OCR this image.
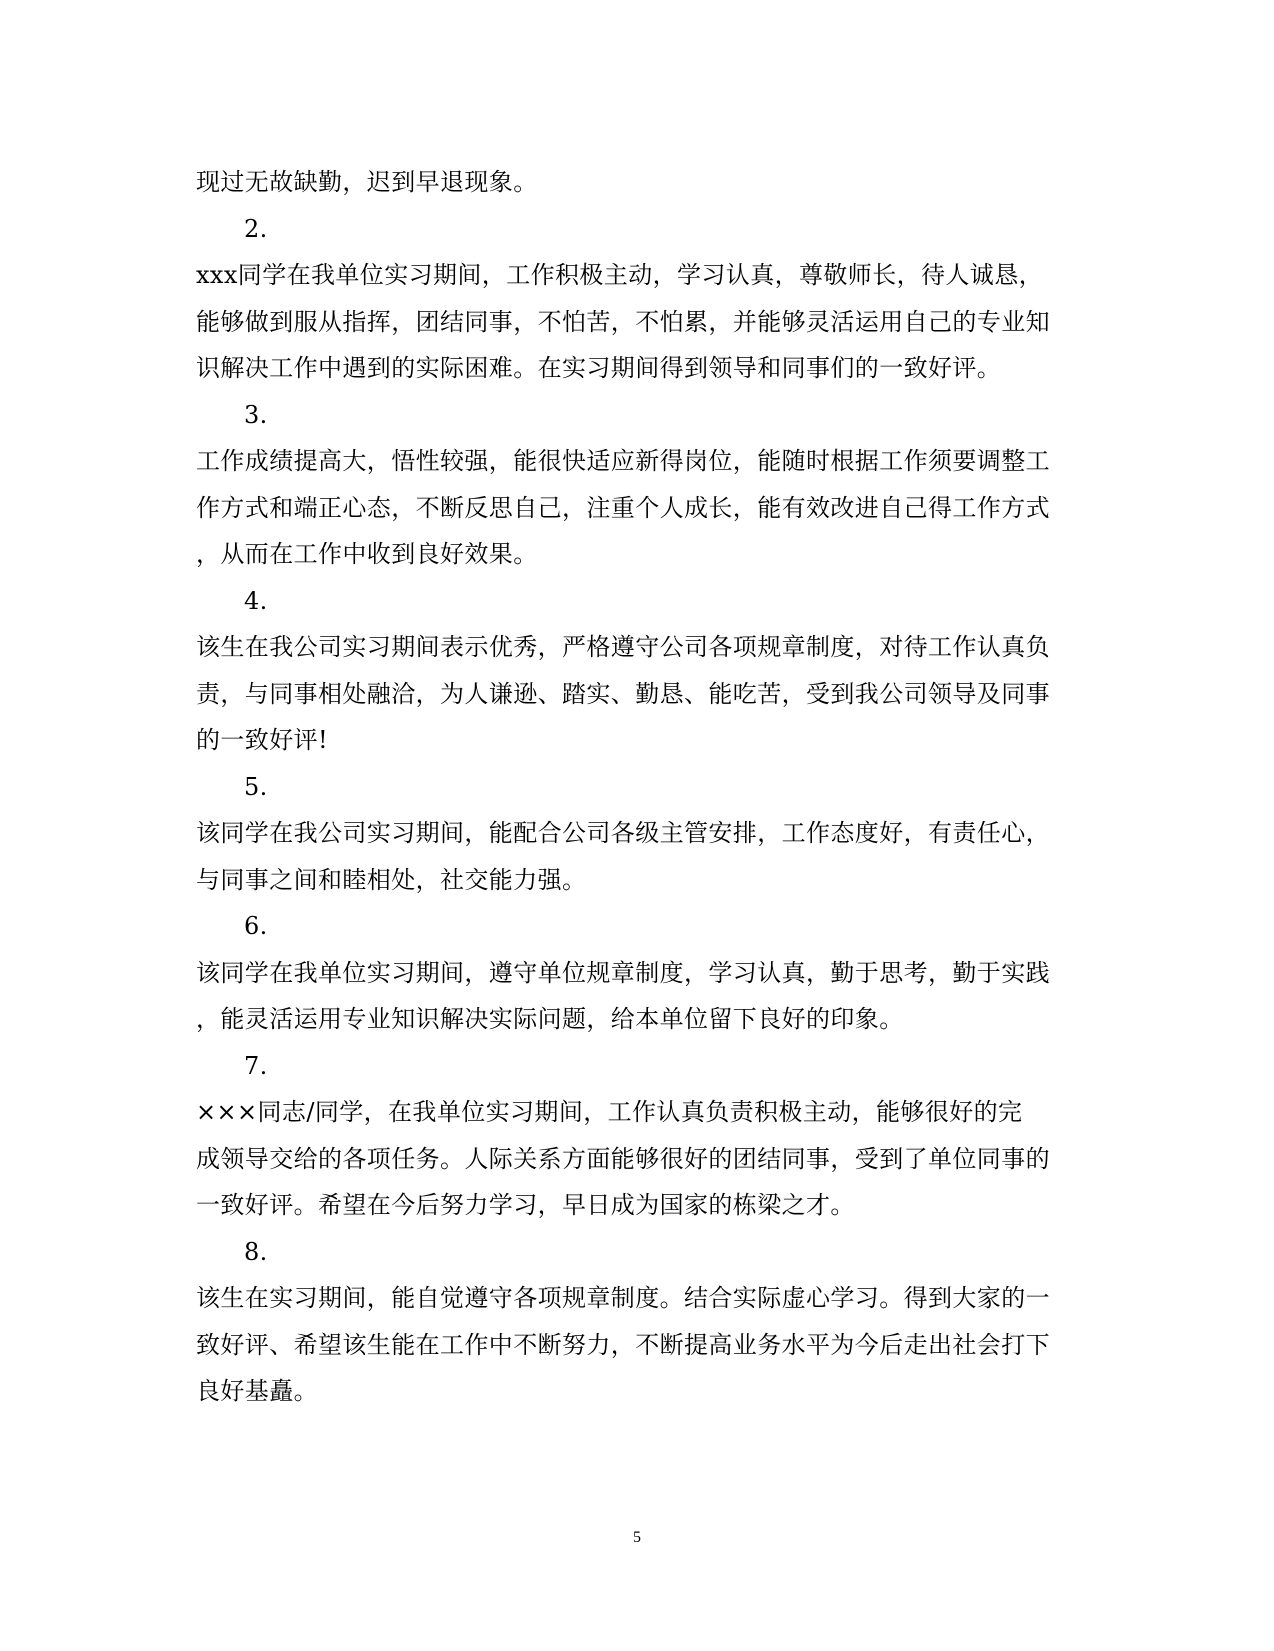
现过无故缺勤，迟到早退现象。
2.
xxx同学在我单位实习期间，工作积极主动，学习认真，尊敬师长，待人诚恳，
能够做到服从指挥，团结同事，不怕苦，不怕累，并能够灵活运用自己的专业知
识解决工作中遇到的实际困难。在实习期间得到领导和同事们的一致好评。
3.
工作成绩提高大，悟性较强，能很快适应新得岗位，能随时根据工作须要调整工
作方式和端正心态，不断反思自己，注重个人成长，能有效改进自己得工作方式
，从而在工作中收到良好效果。
4.
该生在我公司实习期间表示优秀，严格遵守公司各项规章制度，对待工作认真负
责，与同事相处融洽，为人谦逊、踏实、勤恳、能吃苦，受到我公司领导及同事
的一致好评!
5.
该同学在我公司实习期间，能配合公司各级主管安排，工作态度好，有责任心，
与同事之间和睦相处，社交能力强。
6.
该同学在我单位实习期间，遵守单位规章制度，学习认真，勤于思考，勤于实践
，能灵活运用专业知识解决实际问题，给本单位留下良好的印象。
7.
×××同志/同学，在我单位实习期间，工作认真负责积极主动，能够很好的完
成领导交给的各项任务。人际关系方面能够很好的团结同事，受到了单位同事的
一致好评。希望在今后努力学习，早日成为国家的栋梁之才。
8.
该生在实习期间，能自觉遵守各项规章制度。结合实际虚心学习。得到大家的一
致好评、希望该生能在工作中不断努力，不断提高业务水平为今后走出社会打下
良好基矗。
5
